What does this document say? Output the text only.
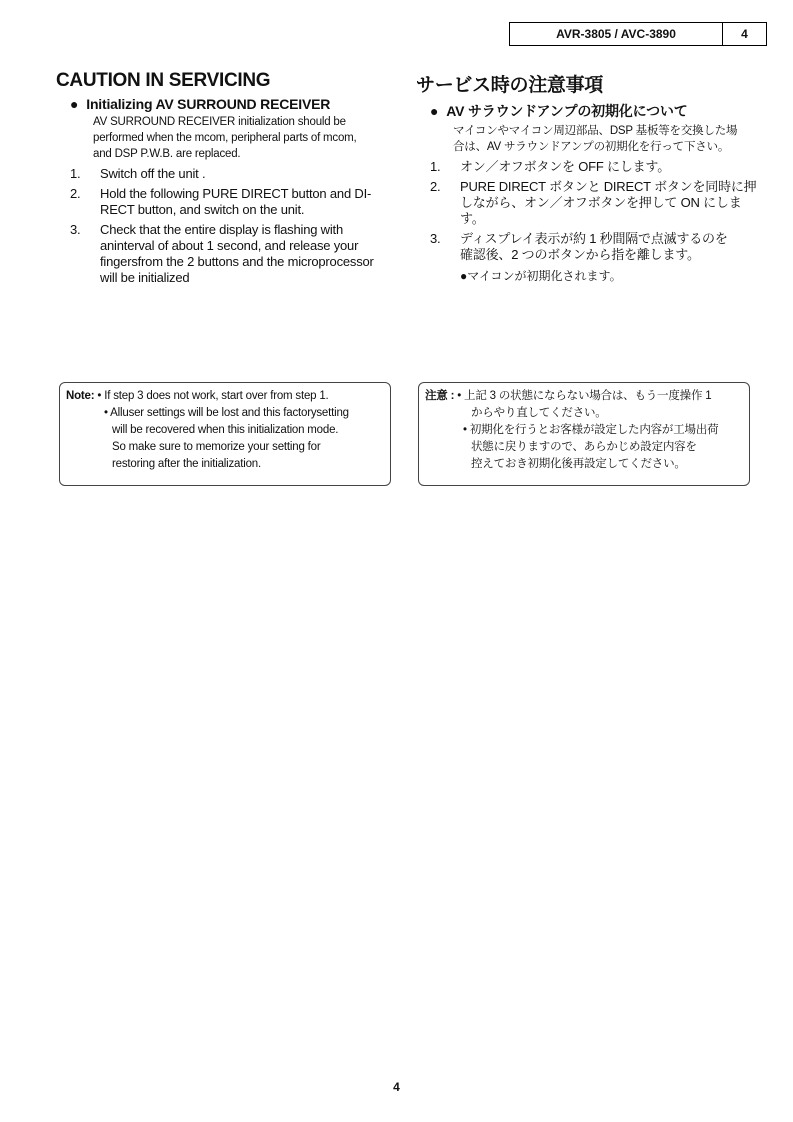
AVR-3805 / AVC-3890	4
CAUTION IN SERVICING
● Initializing AV SURROUND RECEIVER
AV SURROUND RECEIVER initialization should be
performed when the mcom, peripheral parts of mcom,
and DSP P.W.B. are replaced.
1.	Switch off the unit .
2.	Hold the following PURE DIRECT button and DI-
RECT button, and switch on the unit.
3.	Check that the entire display is flashing with
aninterval of about 1 second, and release your
fingersfrom the 2 buttons and the microprocessor
will be initialized
サービス時の注意事項
● AV サラウンドアンプの初期化について
マイコンやマイコン周辺部品、DSP 基板等を交換した場
合は、AV サラウンドアンプの初期化を行って下さい。
1.	オン／オフボタンを OFF にします。
2.	PURE DIRECT ボタンと DIRECT ボタンを同時に押
しながら、オン／オフボタンを押して ON にしま
す。
3.	ディスプレイ表示が約 1 秒間隔で点滅するのを
確認後、2 つのボタンから指を離します。
●マイコンが初期化されます。
Note: • If step 3 does not work, start over from step 1.
• Alluser settings will be lost and this factorysetting
will be recovered when this initialization mode.
So make sure to memorize your setting for
restoring after the initialization.
注意 : • 上記 3 の状態にならない場合は、もう一度操作 1
からやり直してください。
• 初期化を行うとお客様が設定した内容が工場出荷
状態に戻りますので、あらかじめ設定内容を
控えておき初期化後再設定してください。
4
